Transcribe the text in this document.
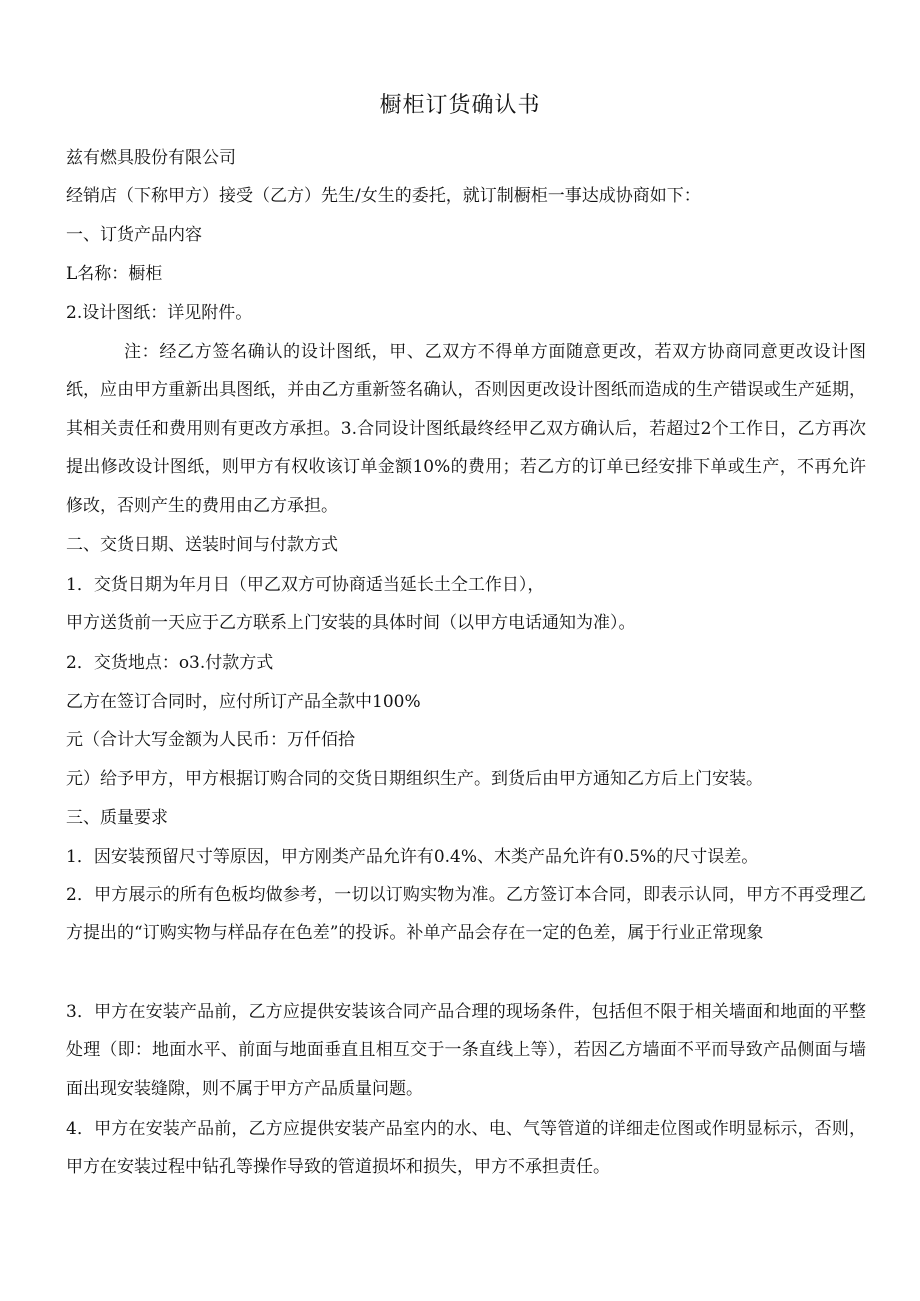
橱柜订货确认书
兹有燃具股份有限公司
经销店（下称甲方）接受（乙方）先生/女生的委托，就订制橱柜一事达成协商如下：
一、订货产品内容
L名称：橱柜
2.设计图纸：详见附件。
注：经乙方签名确认的设计图纸，甲、乙双方不得单方面随意更改，若双方协商同意更改设计图纸，应由甲方重新出具图纸，并由乙方重新签名确认，否则因更改设计图纸而造成的生产错误或生产延期，其相关责任和费用则有更改方承担。3.合同设计图纸最终经甲乙双方确认后，若超过2个工作日，乙方再次提出修改设计图纸，则甲方有权收该订单金额10%的费用；若乙方的订单已经安排下单或生产，不再允许修改，否则产生的费用由乙方承担。
二、交货日期、送装时间与付款方式
1．交货日期为年月日（甲乙双方可协商适当延长土仝工作日），
甲方送货前一天应于乙方联系上门安装的具体时间（以甲方电话通知为准）。
2．交货地点：o3.付款方式
乙方在签订合同时，应付所订产品全款中100%
元（合计大写金额为人民币：万仟佰拾
元）给予甲方，甲方根据订购合同的交货日期组织生产。到货后由甲方通知乙方后上门安装。
三、质量要求
1．因安装预留尺寸等原因，甲方刚类产品允许有0.4%、木类产品允许有0.5%的尺寸误差。
2．甲方展示的所有色板均做参考，一切以订购实物为准。乙方签订本合同，即表示认同，甲方不再受理乙方提出的“订购实物与样品存在色差”的投诉。补单产品会存在一定的色差，属于行业正常现象
3．甲方在安装产品前，乙方应提供安装该合同产品合理的现场条件，包括但不限于相关墙面和地面的平整处理（即：地面水平、前面与地面垂直且相互交于一条直线上等），若因乙方墙面不平而导致产品侧面与墙面出现安装缝隙，则不属于甲方产品质量问题。
4．甲方在安装产品前，乙方应提供安装产品室内的水、电、气等管道的详细走位图或作明显标示，否则，甲方在安装过程中钻孔等操作导致的管道损坏和损失，甲方不承担责任。
